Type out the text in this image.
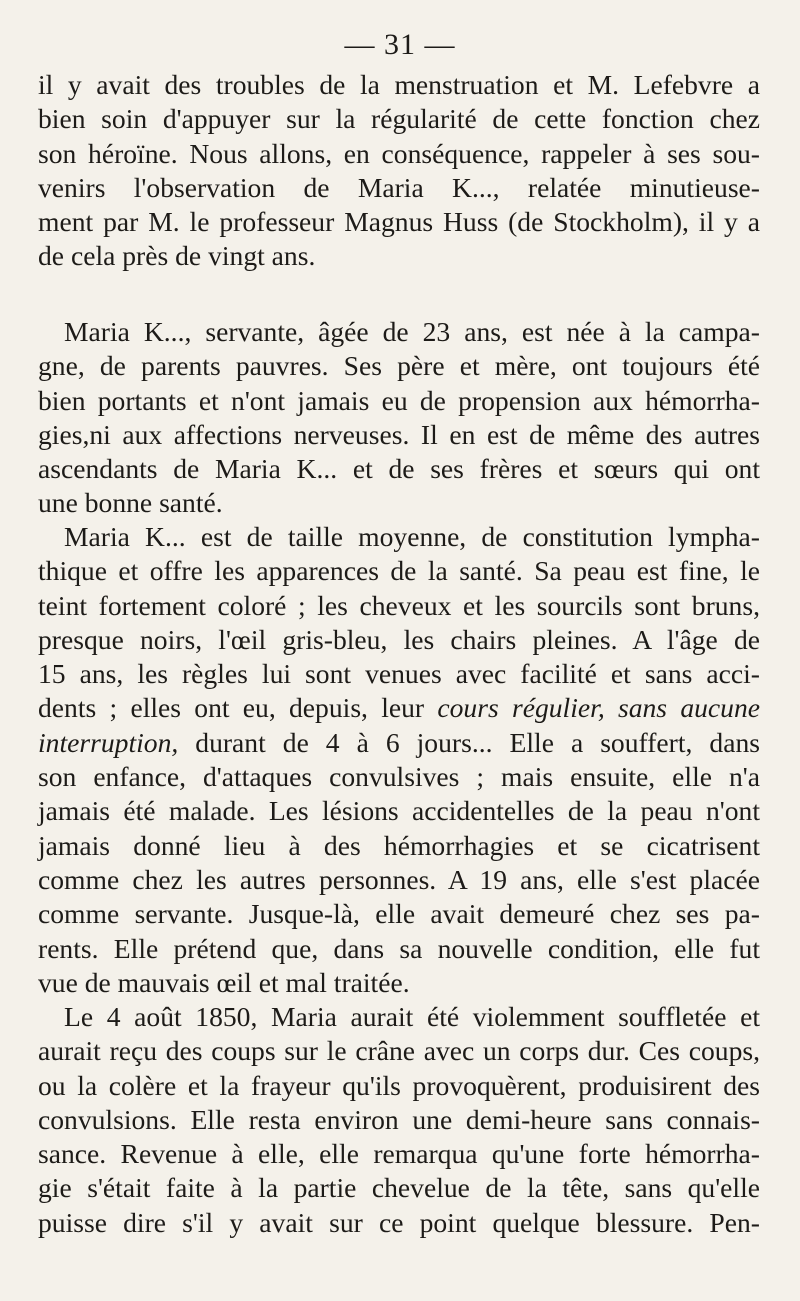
— 31 —
il y avait des troubles de la menstruation et M. Lefebvre a
bien soin d'appuyer sur la régularité de cette fonction chez
son héroïne. Nous allons, en conséquence, rappeler à ses sou-
venirs l'observation de Maria K..., relatée minutieuse-
ment par M. le professeur Magnus Huss (de Stockholm), il y a
de cela près de vingt ans.
Maria K..., servante, âgée de 23 ans, est née à la campa-
gne, de parents pauvres. Ses père et mère, ont toujours été
bien portants et n'ont jamais eu de propension aux hémorrha-
gies,ni aux affections nerveuses. Il en est de même des autres
ascendants de Maria K... et de ses frères et sœurs qui ont
une bonne santé.
Maria K... est de taille moyenne, de constitution lympha-
thique et offre les apparences de la santé. Sa peau est fine, le
teint fortement coloré ; les cheveux et les sourcils sont bruns,
presque noirs, l'œil gris-bleu, les chairs pleines. A l'âge de
15 ans, les règles lui sont venues avec facilité et sans acci-
dents ; elles ont eu, depuis, leur cours régulier, sans aucune
interruption, durant de 4 à 6 jours... Elle a souffert, dans
son enfance, d'attaques convulsives ; mais ensuite, elle n'a
jamais été malade. Les lésions accidentelles de la peau n'ont
jamais donné lieu à des hémorrhagies et se cicatrisent
comme chez les autres personnes. A 19 ans, elle s'est placée
comme servante. Jusque-là, elle avait demeuré chez ses pa-
rents. Elle prétend que, dans sa nouvelle condition, elle fut
vue de mauvais œil et mal traitée.
Le 4 août 1850, Maria aurait été violemment souffletée et
aurait reçu des coups sur le crâne avec un corps dur. Ces coups,
ou la colère et la frayeur qu'ils provoquèrent, produisirent des
convulsions. Elle resta environ une demi-heure sans connais-
sance. Revenue à elle, elle remarqua qu'une forte hémorrha-
gie s'était faite à la partie chevelue de la tête, sans qu'elle
puisse dire s'il y avait sur ce point quelque blessure. Pen-
